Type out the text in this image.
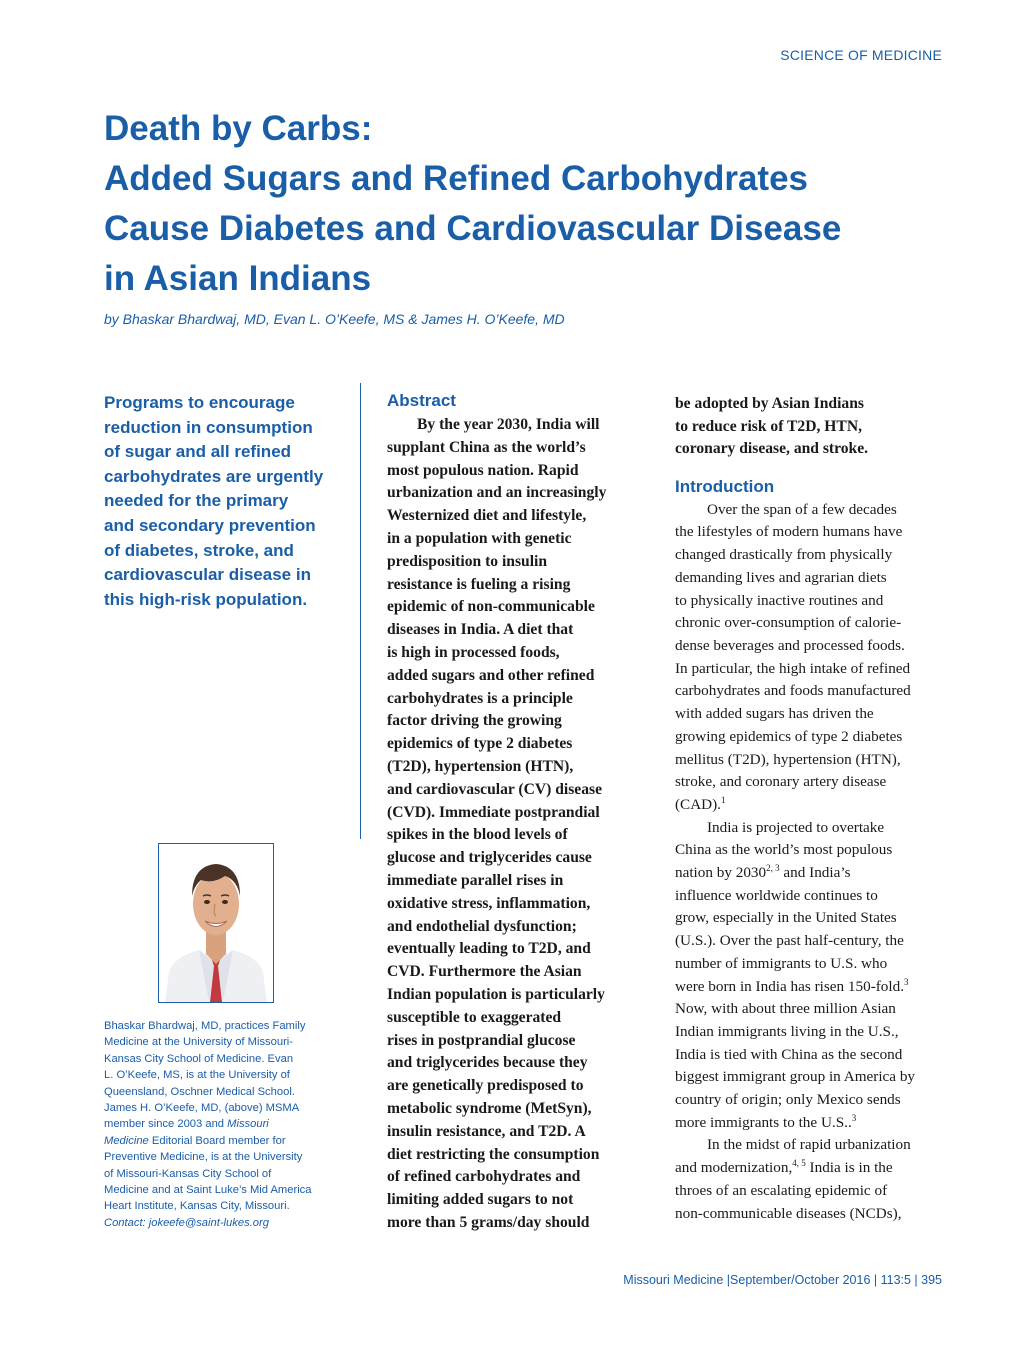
SCIENCE OF MEDICINE
Death by Carbs:
Added Sugars and Refined Carbohydrates
Cause Diabetes and Cardiovascular Disease
in Asian Indians
by Bhaskar Bhardwaj, MD, Evan L. O’Keefe, MS & James H. O’Keefe, MD
Programs to encourage
reduction in consumption
of sugar and all refined
carbohydrates are urgently
needed for the primary
and secondary prevention
of diabetes, stroke, and
cardiovascular disease in
this high-risk population.
Bhaskar Bhardwaj, MD, practices Family
Medicine at the University of Missouri-
Kansas City School of Medicine. Evan
L. O’Keefe, MS, is at the University of
Queensland, Oschner Medical School.
James H. O’Keefe, MD, (above) MSMA
member since 2003 and Missouri
Medicine Editorial Board member for
Preventive Medicine, is at the University
of Missouri-Kansas City School of
Medicine and at Saint Luke’s Mid America
Heart Institute, Kansas City, Missouri.
Contact: jokeefe@saint-lukes.org
Abstract
By the year 2030, India will
supplant China as the world’s
most populous nation. Rapid
urbanization and an increasingly
Westernized diet and lifestyle,
in a population with genetic
predisposition to insulin
resistance is fueling a rising
epidemic of non-communicable
diseases in India. A diet that
is high in processed foods,
added sugars and other refined
carbohydrates is a principle
factor driving the growing
epidemics of type 2 diabetes
(T2D), hypertension (HTN),
and cardiovascular (CV) disease
(CVD). Immediate postprandial
spikes in the blood levels of
glucose and triglycerides cause
immediate parallel rises in
oxidative stress, inflammation,
and endothelial dysfunction;
eventually leading to T2D, and
CVD. Furthermore the Asian
Indian population is particularly
susceptible to exaggerated
rises in postprandial glucose
and triglycerides because they
are genetically predisposed to
metabolic syndrome (MetSyn),
insulin resistance, and T2D. A
diet restricting the consumption
of refined carbohydrates and
limiting added sugars to not
more than 5 grams/day should
be adopted by Asian Indians
to reduce risk of T2D, HTN,
coronary disease, and stroke.
Introduction
Over the span of a few decades
the lifestyles of modern humans have
changed drastically from physically
demanding lives and agrarian diets
to physically inactive routines and
chronic over-consumption of calorie-
dense beverages and processed foods.
In particular, the high intake of refined
carbohydrates and foods manufactured
with added sugars has driven the
growing epidemics of type 2 diabetes
mellitus (T2D), hypertension (HTN),
stroke, and coronary artery disease
(CAD).$^1$
India is projected to overtake
China as the world’s most populous
nation by 2030$^{2, 3}$ and India’s
influence worldwide continues to
grow, especially in the United States
(U.S.). Over the past half-century, the
number of immigrants to U.S. who
were born in India has risen 150-fold.$^3$
Now, with about three million Asian
Indian immigrants living in the U.S.,
India is tied with China as the second
biggest immigrant group in America by
country of origin; only Mexico sends
more immigrants to the U.S..$^3$
In the midst of rapid urbanization
and modernization,$^{4, 5}$ India is in the
throes of an escalating epidemic of
non-communicable diseases (NCDs),
Missouri Medicine |September/October 2016 | 113:5 | 395
